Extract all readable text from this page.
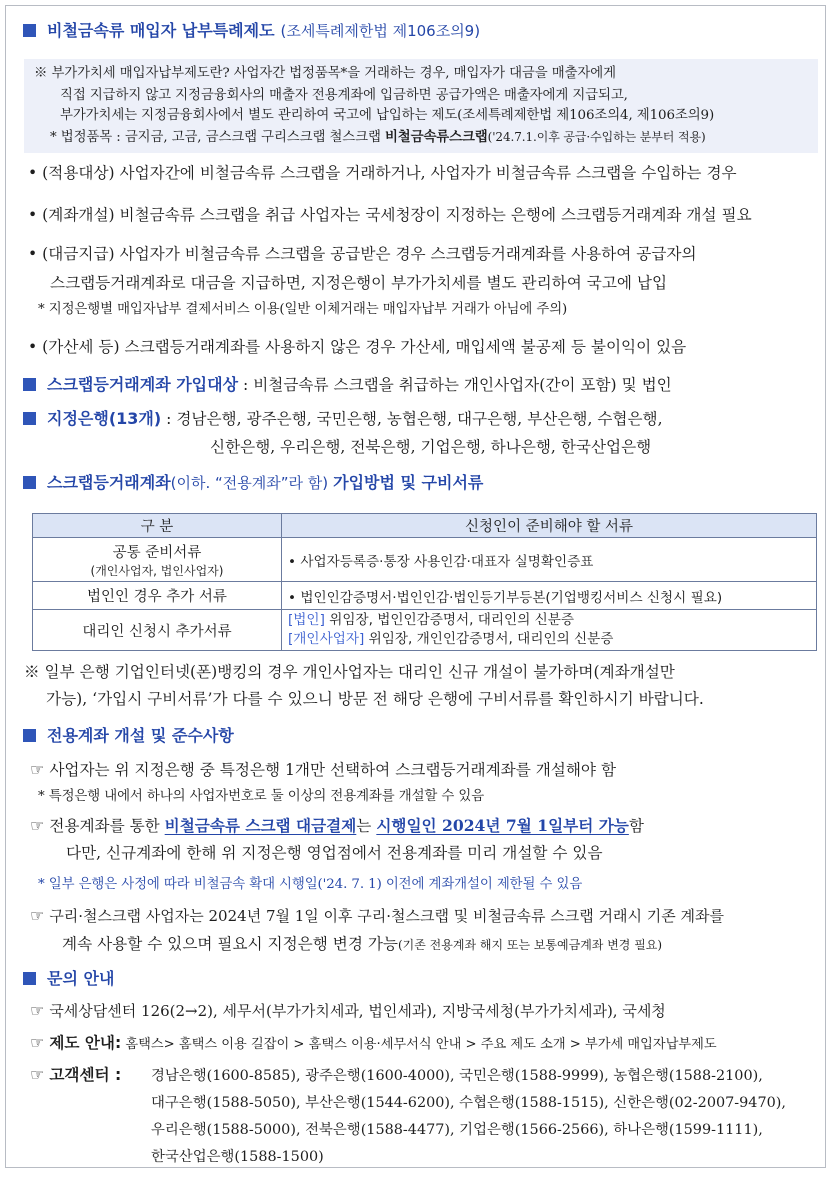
비철금속류 매입자 납부특례제도 (조세특례제한법 제106조의9)
※ 부가가치세 매입자납부제도란? 사업자간 법정품목*을 거래하는 경우, 매입자가 대금을 매출자에게
직접 지급하지 않고 지정금융회사의 매출자 전용계좌에 입금하면 공급가액은 매출자에게 지급되고,
부가가치세는 지정금융회사에서 별도 관리하여 국고에 납입하는 제도(조세특례제한법 제106조의4, 제106조의9)
* 법정품목 : 금지금, 고금, 금스크랩 구리스크랩 철스크랩 비철금속류스크랩('24.7.1.이후 공급·수입하는 분부터 적용)
• (적용대상) 사업자간에 비철금속류 스크랩을 거래하거나, 사업자가 비철금속류 스크랩을 수입하는 경우
• (계좌개설) 비철금속류 스크랩을 취급 사업자는 국세청장이 지정하는 은행에 스크랩등거래계좌 개설 필요
• (대금지급) 사업자가 비철금속류 스크랩을 공급받은 경우 스크랩등거래계좌를 사용하여 공급자의
스크랩등거래계좌로 대금을 지급하면, 지정은행이 부가가치세를 별도 관리하여 국고에 납입
* 지정은행별 매입자납부 결제서비스 이용(일반 이체거래는 매입자납부 거래가 아님에 주의)
• (가산세 등) 스크랩등거래계좌를 사용하지 않은 경우 가산세, 매입세액 불공제 등 불이익이 있음
스크랩등거래계좌 가입대상 : 비철금속류 스크랩을 취급하는 개인사업자(간이 포함) 및 법인
지정은행(13개) : 경남은행, 광주은행, 국민은행, 농협은행, 대구은행, 부산은행, 수협은행,
신한은행, 우리은행, 전북은행, 기업은행, 하나은행, 한국산업은행
스크랩등거래계좌(이하. “전용계좌”라 함) 가입방법 및 구비서류
구 분	신청인이 준비해야 할 서류

공통 준비서류
(개인사업자, 법인사업자)	• 사업자등록증·통장 사용인감·대표자 실명확인증표
법인인 경우 추가 서류	• 법인인감증명서·법인인감·법인등기부등본(기업뱅킹서비스 신청시 필요)
대리인 신청시 추가서류	[법인] 위임장, 법인인감증명서, 대리인의 신분증
[개인사업자] 위임장, 개인인감증명서, 대리인의 신분증
※ 일부 은행 기업인터넷(폰)뱅킹의 경우 개인사업자는 대리인 신규 개설이 불가하며(계좌개설만
가능), ‘가입시 구비서류’가 다를 수 있으니 방문 전 해당 은행에 구비서류를 확인하시기 바랍니다.
전용계좌 개설 및 준수사항
☞ 사업자는 위 지정은행 중 특정은행 1개만 선택하여 스크랩등거래계좌를 개설해야 함
* 특정은행 내에서 하나의 사업자번호로 둘 이상의 전용계좌를 개설할 수 있음
☞ 전용계좌를 통한 비철금속류 스크랩 대금결제는 시행일인 2024년 7월 1일부터 가능함
다만, 신규계좌에 한해 위 지정은행 영업점에서 전용계좌를 미리 개설할 수 있음
* 일부 은행은 사정에 따라 비철금속 확대 시행일('24. 7. 1) 이전에 계좌개설이 제한될 수 있음
☞ 구리·철스크랩 사업자는 2024년 7월 1일 이후 구리·철스크랩 및 비철금속류 스크랩 거래시 기존 계좌를
계속 사용할 수 있으며 필요시 지정은행 변경 가능(기존 전용계좌 해지 또는 보통예금계좌 변경 필요)
문의 안내
☞ 국세상담센터 126(2→2), 세무서(부가가치세과, 법인세과), 지방국세청(부가가치세과), 국세청
☞ 제도 안내: 홈택스> 홈택스 이용 길잡이 > 홈택스 이용·세무서식 안내 > 주요 제도 소개 > 부가세 매입자납부제도
☞ 고객센터 : 경남은행(1600-8585), 광주은행(1600-4000), 국민은행(1588-9999), 농협은행(1588-2100),
대구은행(1588-5050), 부산은행(1544-6200), 수협은행(1588-1515), 신한은행(02-2007-9470),
우리은행(1588-5000), 전북은행(1588-4477), 기업은행(1566-2566), 하나은행(1599-1111),
한국산업은행(1588-1500)
